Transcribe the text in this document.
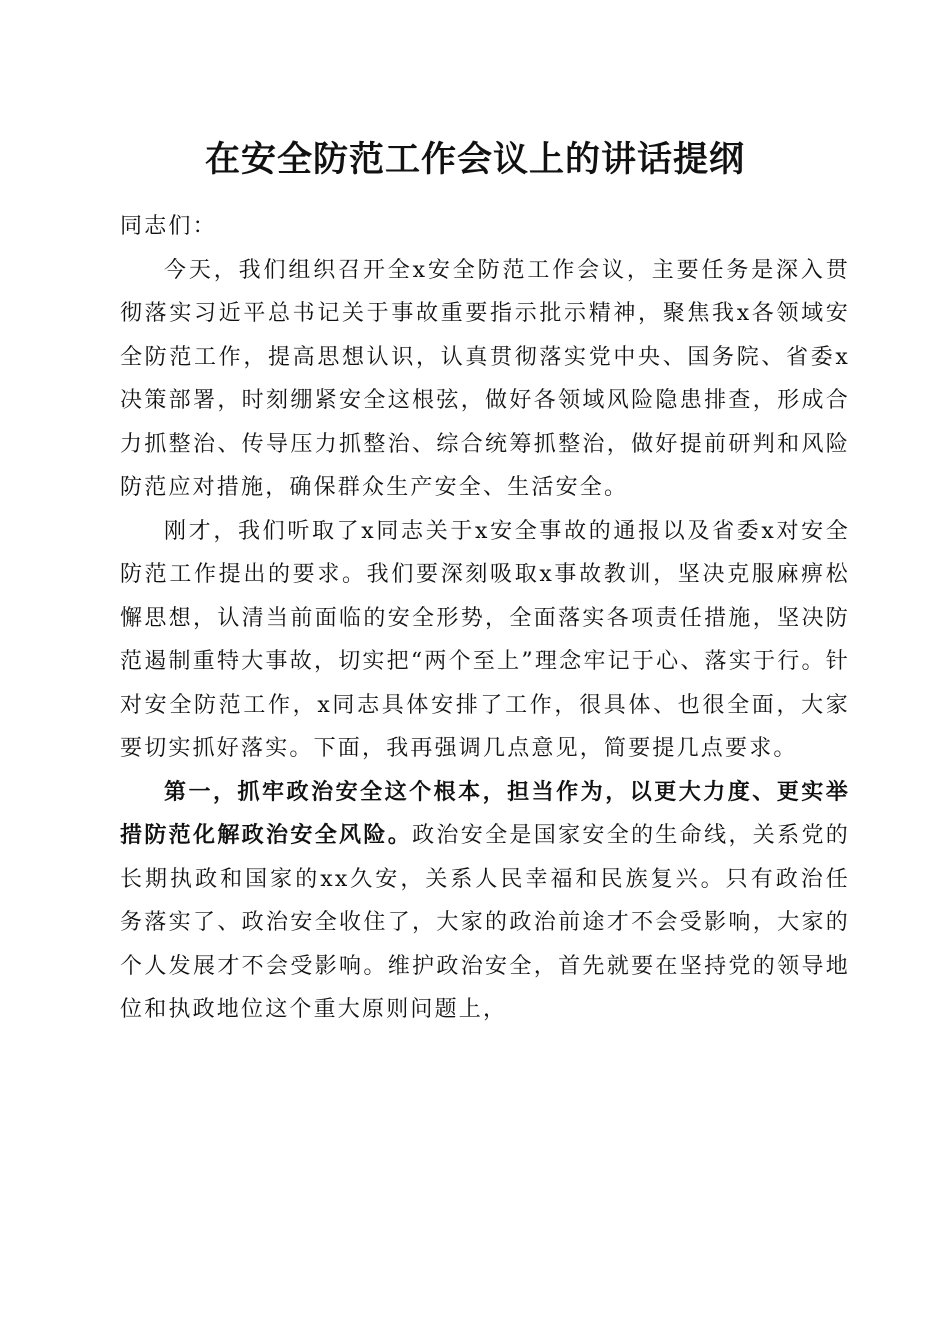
在安全防范工作会议上的讲话提纲

同志们：

今天，我们组织召开全x安全防范工作会议，主要任务是深入贯彻落实习近平总书记关于事故重要指示批示精神，聚焦我x各领域安全防范工作，提高思想认识，认真贯彻落实党中央、国务院、省委x决策部署，时刻绷紧安全这根弦，做好各领域风险隐患排查，形成合力抓整治、传导压力抓整治、综合统筹抓整治，做好提前研判和风险防范应对措施，确保群众生产安全、生活安全。

刚才，我们听取了x同志关于x安全事故的通报以及省委x对安全防范工作提出的要求。我们要深刻吸取x事故教训，坚决克服麻痹松懈思想，认清当前面临的安全形势，全面落实各项责任措施，坚决防范遏制重特大事故，切实把“两个至上”理念牢记于心、落实于行。针对安全防范工作，x同志具体安排了工作，很具体、也很全面，大家要切实抓好落实。下面，我再强调几点意见，简要提几点要求。

第一，抓牢政治安全这个根本，担当作为，以更大力度、更实举措防范化解政治安全风险。政治安全是国家安全的生命线，关系党的长期执政和国家的xx久安，关系人民幸福和民族复兴。只有政治任务落实了、政治安全收住了，大家的政治前途才不会受影响，大家的个人发展才不会受影响。维护政治安全，首先就要在坚持党的领导地位和执政地位这个重大原则问题上，
